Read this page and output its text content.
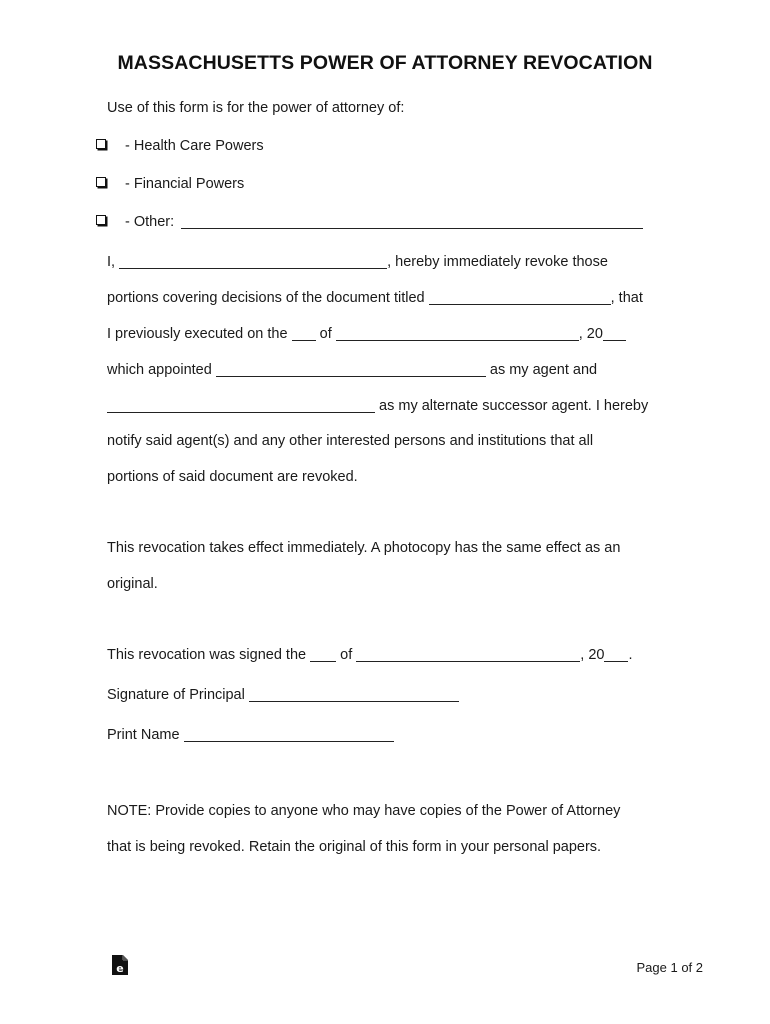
MASSACHUSETTS POWER OF ATTORNEY REVOCATION
Use of this form is for the power of attorney of:
- Health Care Powers
- Financial Powers
- Other:
I,	, hereby immediately revoke those
portions covering decisions of the document titled	, that
I previously executed on the of	, 20
which appointed	as my agent and
as my alternate successor agent. I hereby
notify said agent(s) and any other interested persons and institutions that all
portions of said document are revoked.
This revocation takes effect immediately. A photocopy has the same effect as an
original.
This revocation was signed the of	, 20 .
Signature of Principal
Print Name
NOTE: Provide copies to anyone who may have copies of the Power of Attorney
that is being revoked. Retain the original of this form in your personal papers.
e	Page 1 of 2
